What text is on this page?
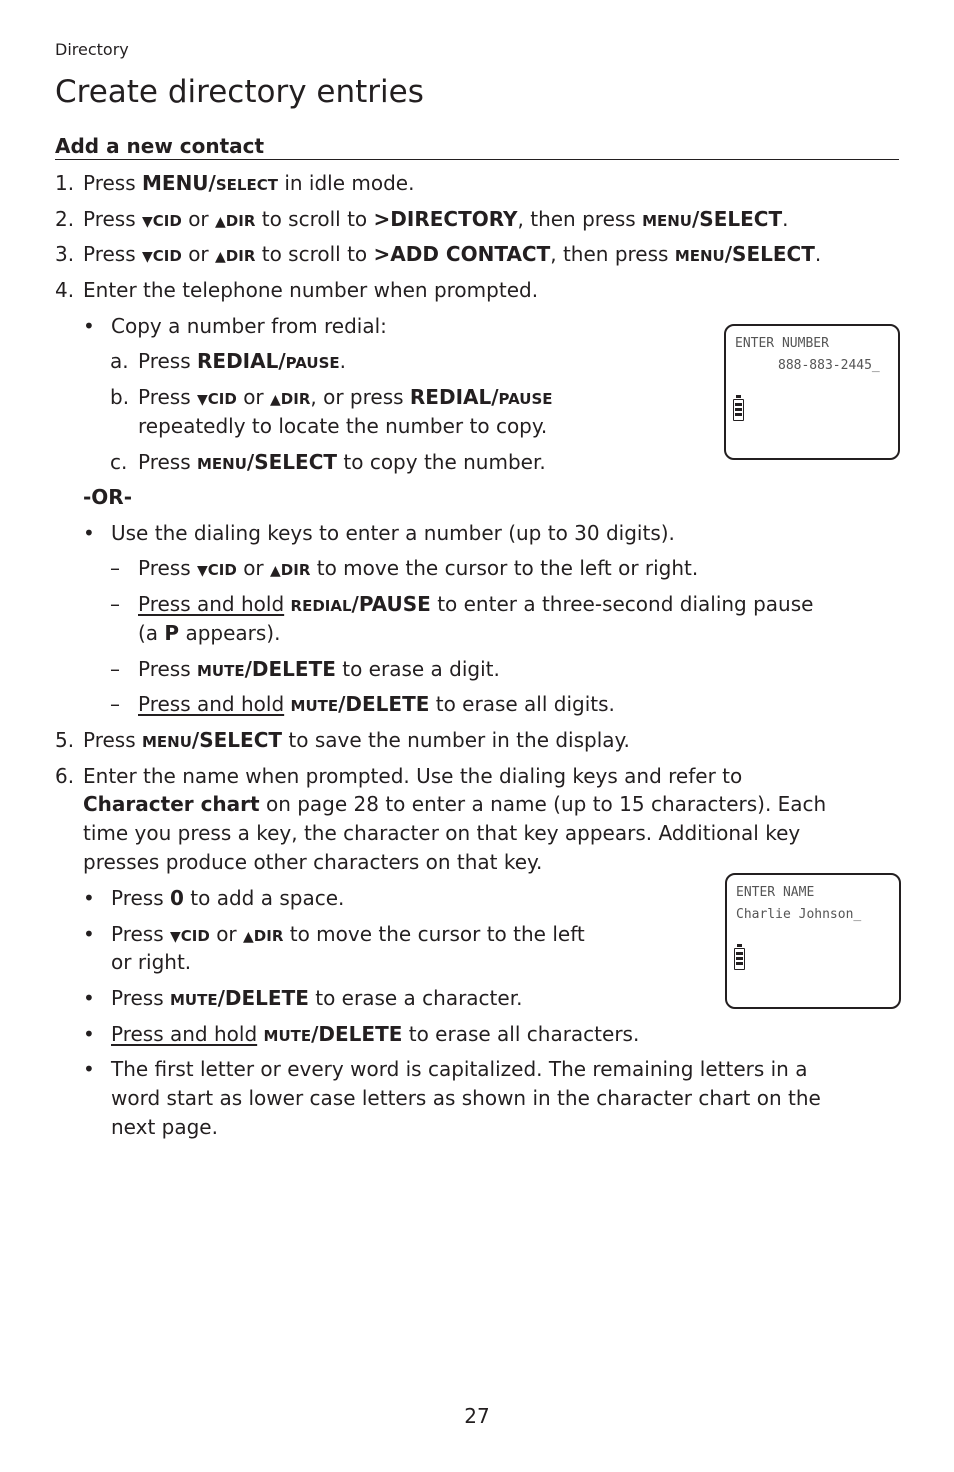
Directory
Create directory entries
Add a new contact
1. Press MENU/SELECT in idle mode.
2. Press ▼CID or ▲DIR to scroll to >DIRECTORY, then press MENU/SELECT.
3. Press ▼CID or ▲DIR to scroll to >ADD CONTACT, then press MENU/SELECT.
4. Enter the telephone number when prompted.
• Copy a number from redial:
a. Press REDIAL/PAUSE.
b. Press ▼CID or ▲DIR, or press REDIAL/PAUSE
repeatedly to locate the number to copy.
c. Press MENU/SELECT to copy the number.
-OR-
• Use the dialing keys to enter a number (up to 30 digits).
– Press ▼CID or ▲DIR to move the cursor to the left or right.
– Press and hold REDIAL/PAUSE to enter a three-second dialing pause
(a P appears).
– Press MUTE/DELETE to erase a digit.
– Press and hold MUTE/DELETE to erase all digits.
5. Press MENU/SELECT to save the number in the display.
6. Enter the name when prompted. Use the dialing keys and refer to
Character chart on page 28 to enter a name (up to 15 characters). Each
time you press a key, the character on that key appears. Additional key
presses produce other characters on that key.
• Press 0 to add a space.
• Press ▼CID or ▲DIR to move the cursor to the left
or right.
• Press MUTE/DELETE to erase a character.
• Press and hold MUTE/DELETE to erase all characters.
• The first letter or every word is capitalized. The remaining letters in a
word start as lower case letters as shown in the character chart on the
next page.
ENTER NUMBER
888-883-2445_
ENTER NAME
Charlie Johnson_
27
